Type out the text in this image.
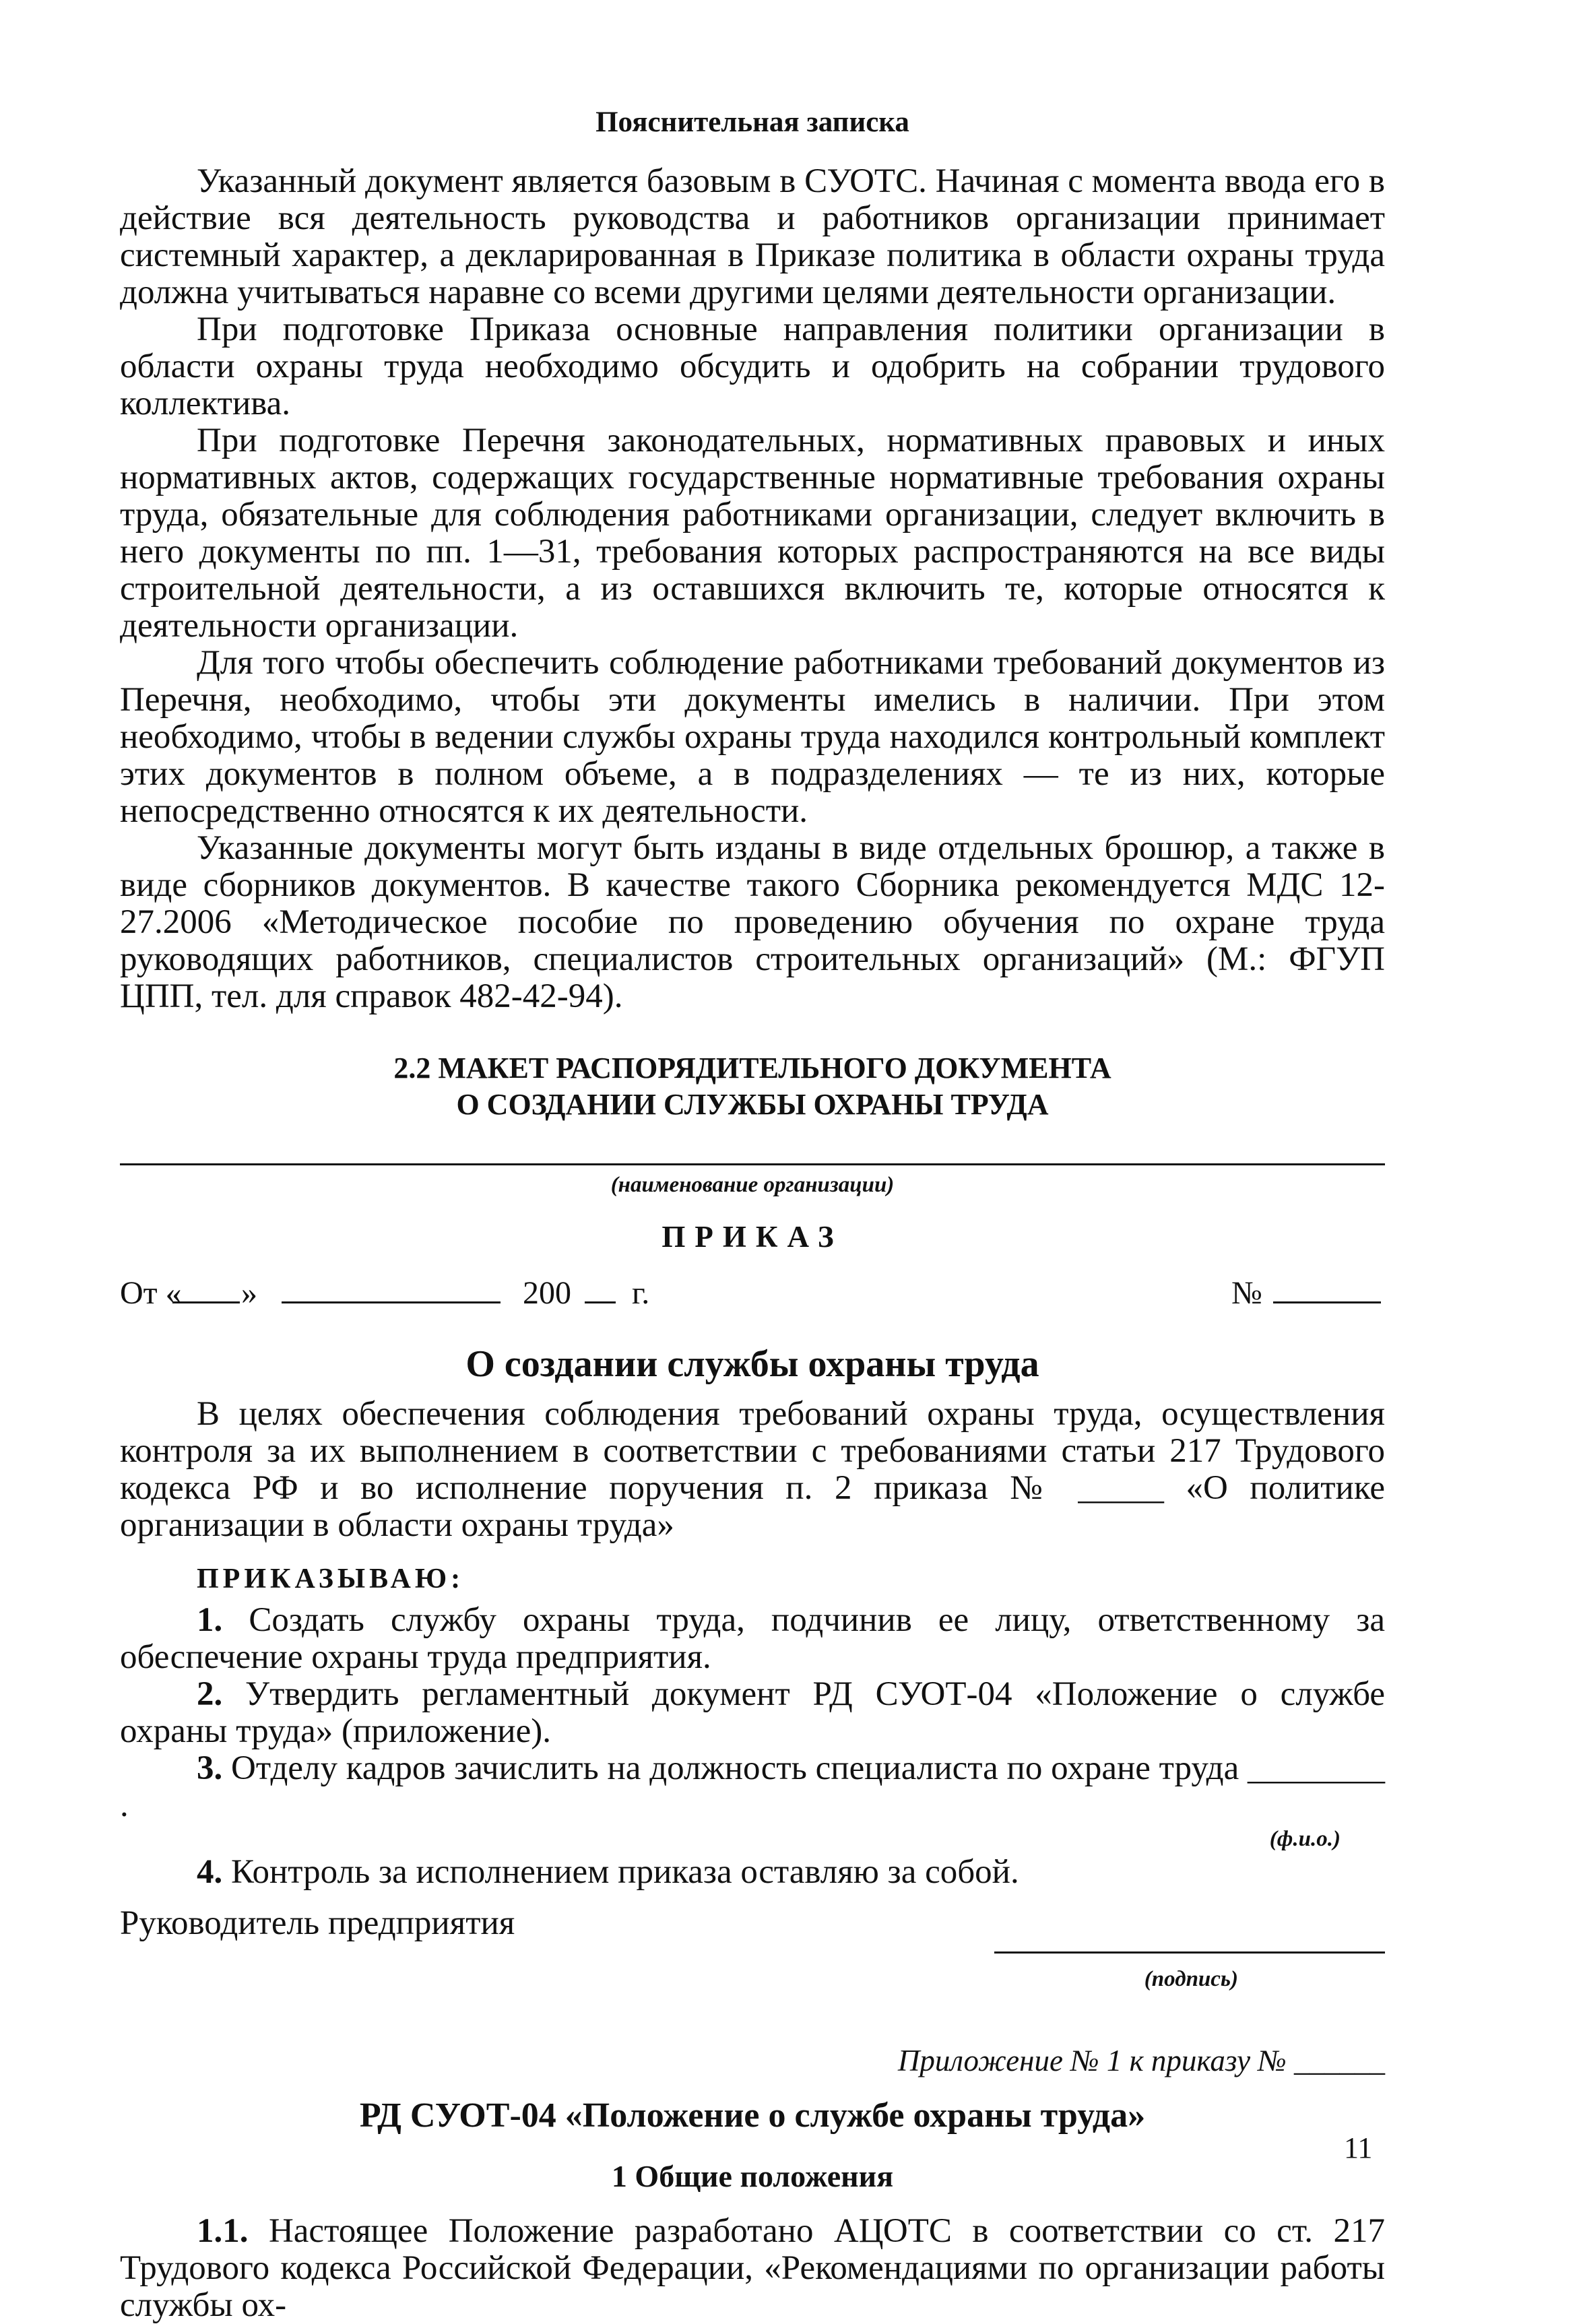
Пояснительная записка

Указанный документ является базовым в СУОТС. Начиная с момента ввода его в действие вся деятельность руководства и работников организации принимает системный характер, а декларированная в Приказе политика в области охраны труда должна учитываться наравне со всеми другими целями деятельности организации.

При подготовке Приказа основные направления политики организации в области охраны труда необходимо обсудить и одобрить на собрании трудового коллектива.

При подготовке Перечня законодательных, нормативных правовых и иных нормативных актов, содержащих государственные нормативные требования охраны труда, обязательные для соблюдения работниками организации, следует включить в него документы по пп. 1—31, требования которых распространяются на все виды строительной деятельности, а из оставшихся включить те, которые относятся к деятельности организации.

Для того чтобы обеспечить соблюдение работниками требований документов из Перечня, необходимо, чтобы эти документы имелись в наличии. При этом необходимо, чтобы в ведении службы охраны труда находился контрольный комплект этих документов в полном объеме, а в подразделениях — те из них, которые непосредственно относятся к их деятельности.

Указанные документы могут быть изданы в виде отдельных брошюр, а также в виде сборников документов. В качестве такого Сборника рекомендуется МДС 12-27.2006 «Методическое пособие по проведению обучения по охране труда руководящих работников, специалистов строительных организаций» (М.: ФГУП ЦПП, тел. для справок 482-42-94).

2.2 МАКЕТ РАСПОРЯДИТЕЛЬНОГО ДОКУМЕНТА
О СОЗДАНИИ СЛУЖБЫ ОХРАНЫ ТРУДА

(наименование организации)

ПРИКАЗ

От « »	200 г.	№

О создании службы охраны труда

В целях обеспечения соблюдения требований охраны труда, осуществления контроля за их выполнением в соответствии с требованиями статьи 217 Трудового кодекса РФ и во исполнение поручения п. 2 приказа № _____ «О политике организации в области охраны труда»

ПРИКАЗЫВАЮ:

1. Создать службу охраны труда, подчинив ее лицу, ответственному за обеспечение охраны труда предприятия.

2. Утвердить регламентный документ РД СУОТ-04 «Положение о службе охраны труда» (приложение).

3. Отделу кадров зачислить на должность специалиста по охране труда ________ .

(ф.и.о.)

4. Контроль за исполнением приказа оставляю за собой.

Руководитель предприятия
(подпись)

Приложение № 1 к приказу № ______

РД СУОТ-04 «Положение о службе охраны труда»

1 Общие положения

1.1. Настоящее Положение разработано АЦОТС в соответствии со ст. 217 Трудового кодекса Российской Федерации, «Рекомендациями по организации работы службы ох-

11
